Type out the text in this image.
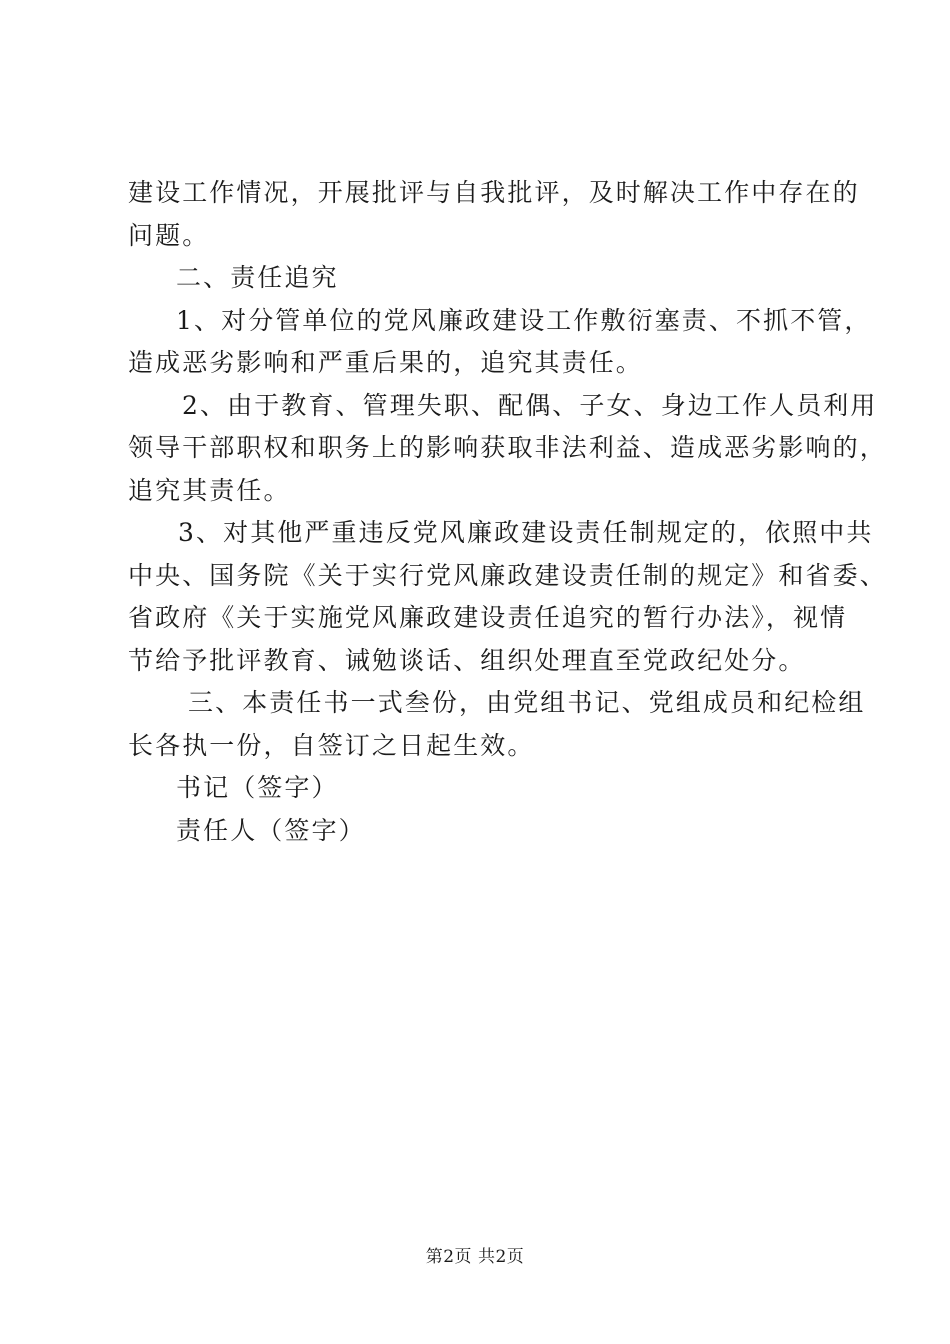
建设工作情况，开展批评与自我批评，及时解决工作中存在的
问题。
二、责任追究
1、对分管单位的党风廉政建设工作敷衍塞责、不抓不管，
造成恶劣影响和严重后果的，追究其责任。
2、由于教育、管理失职、配偶、子女、身边工作人员利用
领导干部职权和职务上的影响获取非法利益、造成恶劣影响的，
追究其责任。
3、对其他严重违反党风廉政建设责任制规定的，依照中共
中央、国务院《关于实行党风廉政建设责任制的规定》和省委、
省政府《关于实施党风廉政建设责任追究的暂行办法》，视情
节给予批评教育、诫勉谈话、组织处理直至党政纪处分。
三、本责任书一式叁份，由党组书记、党组成员和纪检组
长各执一份，自签订之日起生效。
书记（签字）
责任人（签字）
第2页 共2页
